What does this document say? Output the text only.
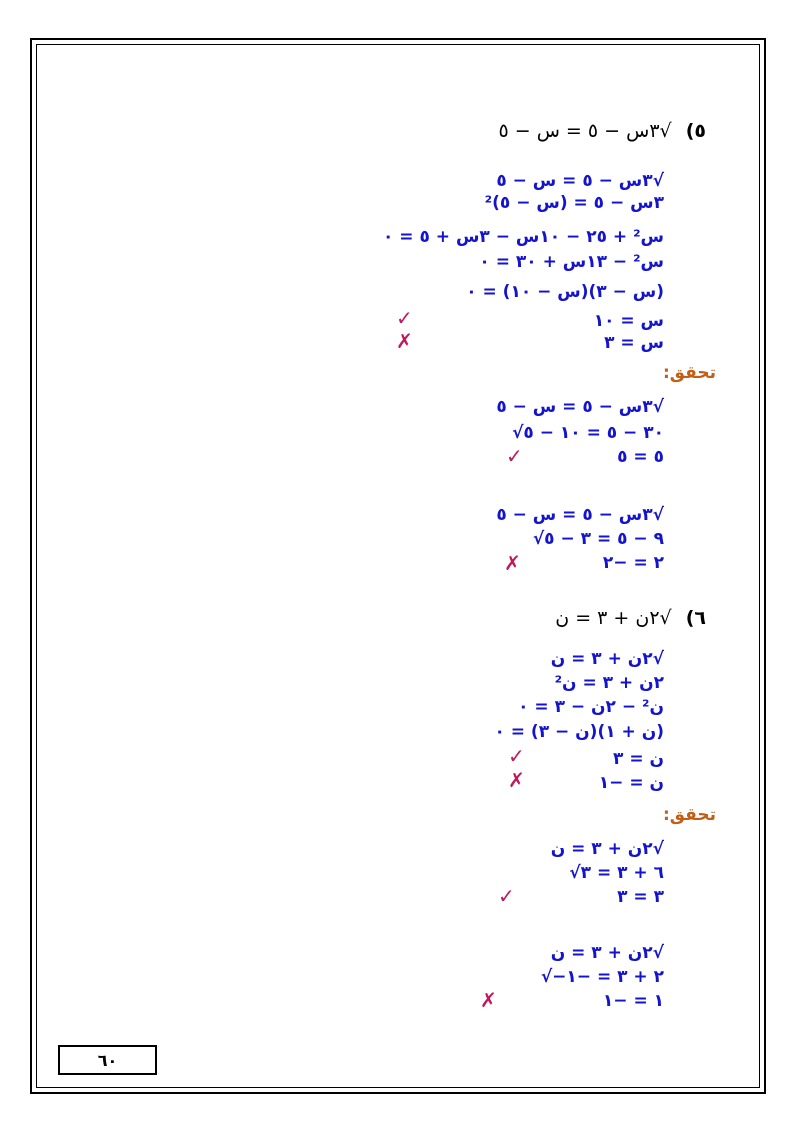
٥) √٣س − ٥ = س − ٥
√٣س − ٥ = س − ٥
٣س − ٥ = (س − ٥)²
س² + ٢٥ − ١٠س − ٣س + ٥ = ٠
س² − ١٣س + ٣٠ = ٠
(س − ٣)(س − ١٠) = ٠
س = ١٠
✓
س = ٣
✗
تحقق:
√٣س − ٥ = س − ٥
√٣٠ − ٥ = ١٠ − ٥
٥ = ٥
✓
√٣س − ٥ = س − ٥
√٩ − ٥ = ٣ − ٥
٢ = −٢
✗
٦) √٢ن + ٣ = ن
√٢ن + ٣ = ن
٢ن + ٣ = ن²
ن² − ٢ن − ٣ = ٠
(ن + ١)(ن − ٣) = ٠
ن = ٣
✓
ن = −١
✗
تحقق:
√٢ن + ٣ = ن
√٦ + ٣ = ٣
٣ = ٣
✓
√٢ن + ٣ = ن
√−٢ + ٣ = −١
١ = −١
✗
٦٠
